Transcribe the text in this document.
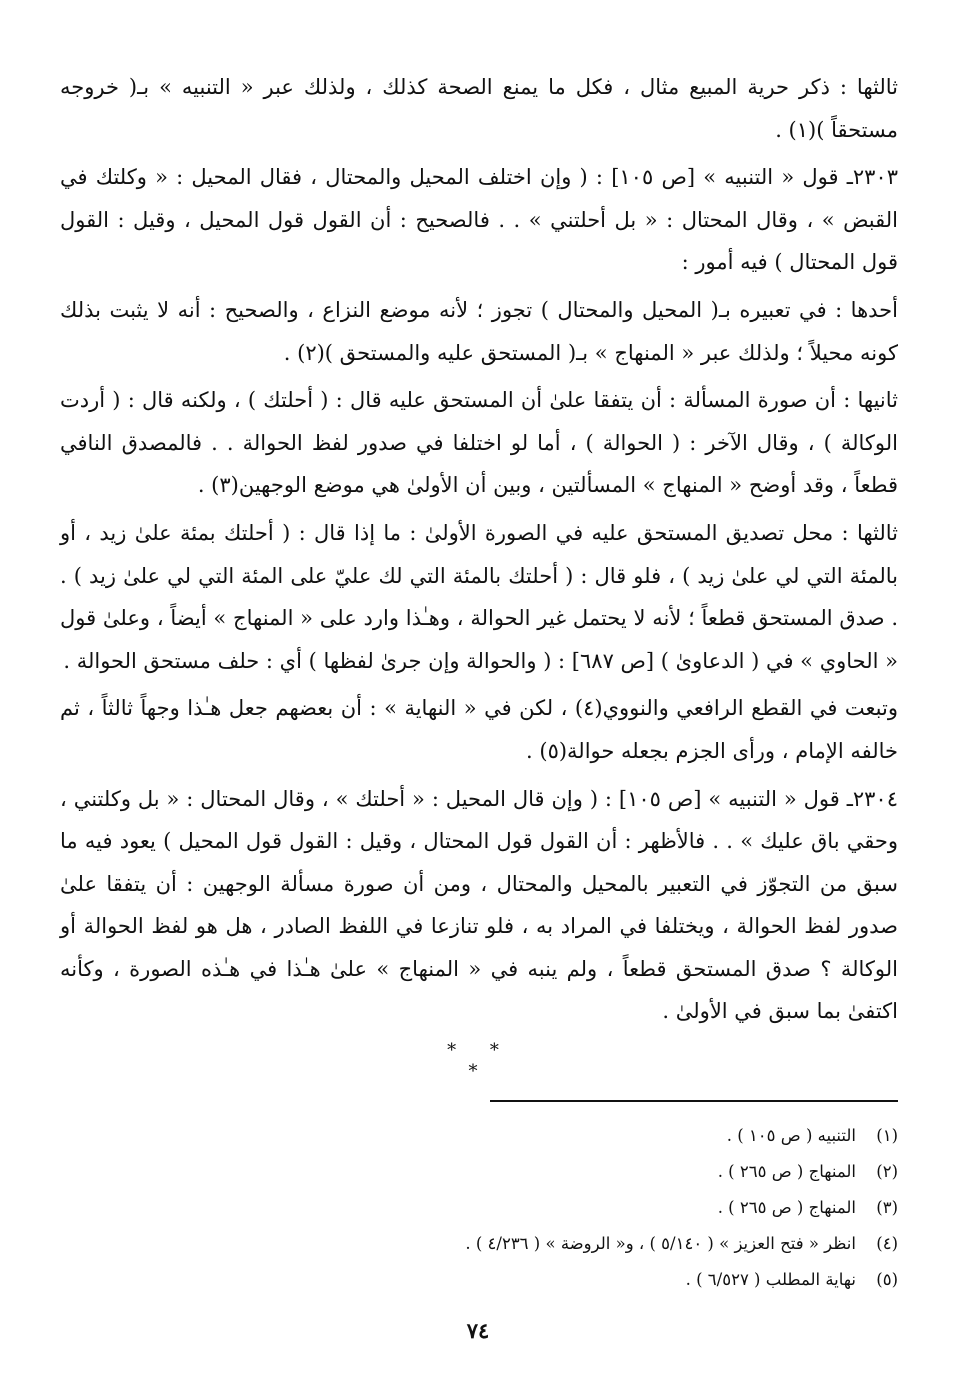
ثالثها : ذكر حرية المبيع مثال ، فكل ما يمنع الصحة كذلك ، ولذلك عبر « التنبيه » بـ( خروجه مستحقاً )(١) .

٢٣٠٣ـ قول « التنبيه » [ص ١٠٥] : ( وإن اختلف المحيل والمحتال ، فقال المحيل : « وكلتك في القبض » ، وقال المحتال : « بل أحلتني » . . فالصحيح : أن القول قول المحيل ، وقيل : القول قول المحتال ) فيه أمور :

أحدها : في تعبيره بـ( المحيل والمحتال ) تجوز ؛ لأنه موضع النزاع ، والصحيح : أنه لا يثبت بذلك كونه محيلاً ؛ ولذلك عبر « المنهاج » بـ( المستحق عليه والمستحق )(٢) .

ثانيها : أن صورة المسألة : أن يتفقا علىٰ أن المستحق عليه قال : ( أحلتك ) ، ولكنه قال : ( أردت الوكالة ) ، وقال الآخر : ( الحوالة ) ، أما لو اختلفا في صدور لفظ الحوالة . . فالمصدق النافي قطعاً ، وقد أوضح « المنهاج » المسألتين ، وبين أن الأولىٰ هي موضع الوجهين(٣) .

ثالثها : محل تصديق المستحق عليه في الصورة الأولىٰ : ما إذا قال : ( أحلتك بمئة علىٰ زيد ، أو بالمئة التي لي علىٰ زيد ) ، فلو قال : ( أحلتك بالمئة التي لك عليّ على المئة التي لي علىٰ زيد ) . . صدق المستحق قطعاً ؛ لأنه لا يحتمل غير الحوالة ، وهـٰذا وارد على « المنهاج » أيضاً ، وعلىٰ قول « الحاوي » في ( الدعاوىٰ ) [ص ٦٨٧] : ( والحوالة وإن جرىٰ لفظها ) أي : حلف مستحق الحوالة .

وتبعت في القطع الرافعي والنووي(٤) ، لكن في « النهاية » : أن بعضهم جعل هـٰذا وجهاً ثالثاً ، ثم خالفه الإمام ، ورأى الجزم بجعله حوالة(٥) .

٢٣٠٤ـ قول « التنبيه » [ص ١٠٥] : ( وإن قال المحيل : « أحلتك » ، وقال المحتال : « بل وكلتني ، وحقي باق عليك » . . فالأظهر : أن القول قول المحتال ، وقيل : القول قول المحيل ) يعود فيه ما سبق من التجوّز في التعبير بالمحيل والمحتال ، ومن أن صورة مسألة الوجهين : أن يتفقا علىٰ صدور لفظ الحوالة ، ويختلفا في المراد به ، فلو تنازعا في اللفظ الصادر ، هل هو لفظ الحوالة أو الوكالة ؟ صدق المستحق قطعاً ، ولم ينبه في « المنهاج » علىٰ هـٰذا في هـٰذه الصورة ، وكأنه اكتفىٰ بما سبق في الأولىٰ .

* * *
(١)
التنبيه ( ص ١٠٥ ) .
(٢)
المنهاج ( ص ٢٦٥ ) .
(٣)
المنهاج ( ص ٢٦٥ ) .
(٤)
انظر « فتح العزيز » ( ٥/١٤٠ ) ، و« الروضة » ( ٤/٢٣٦ ) .
(٥)
نهاية المطلب ( ٦/٥٢٧ ) .
٧٤
